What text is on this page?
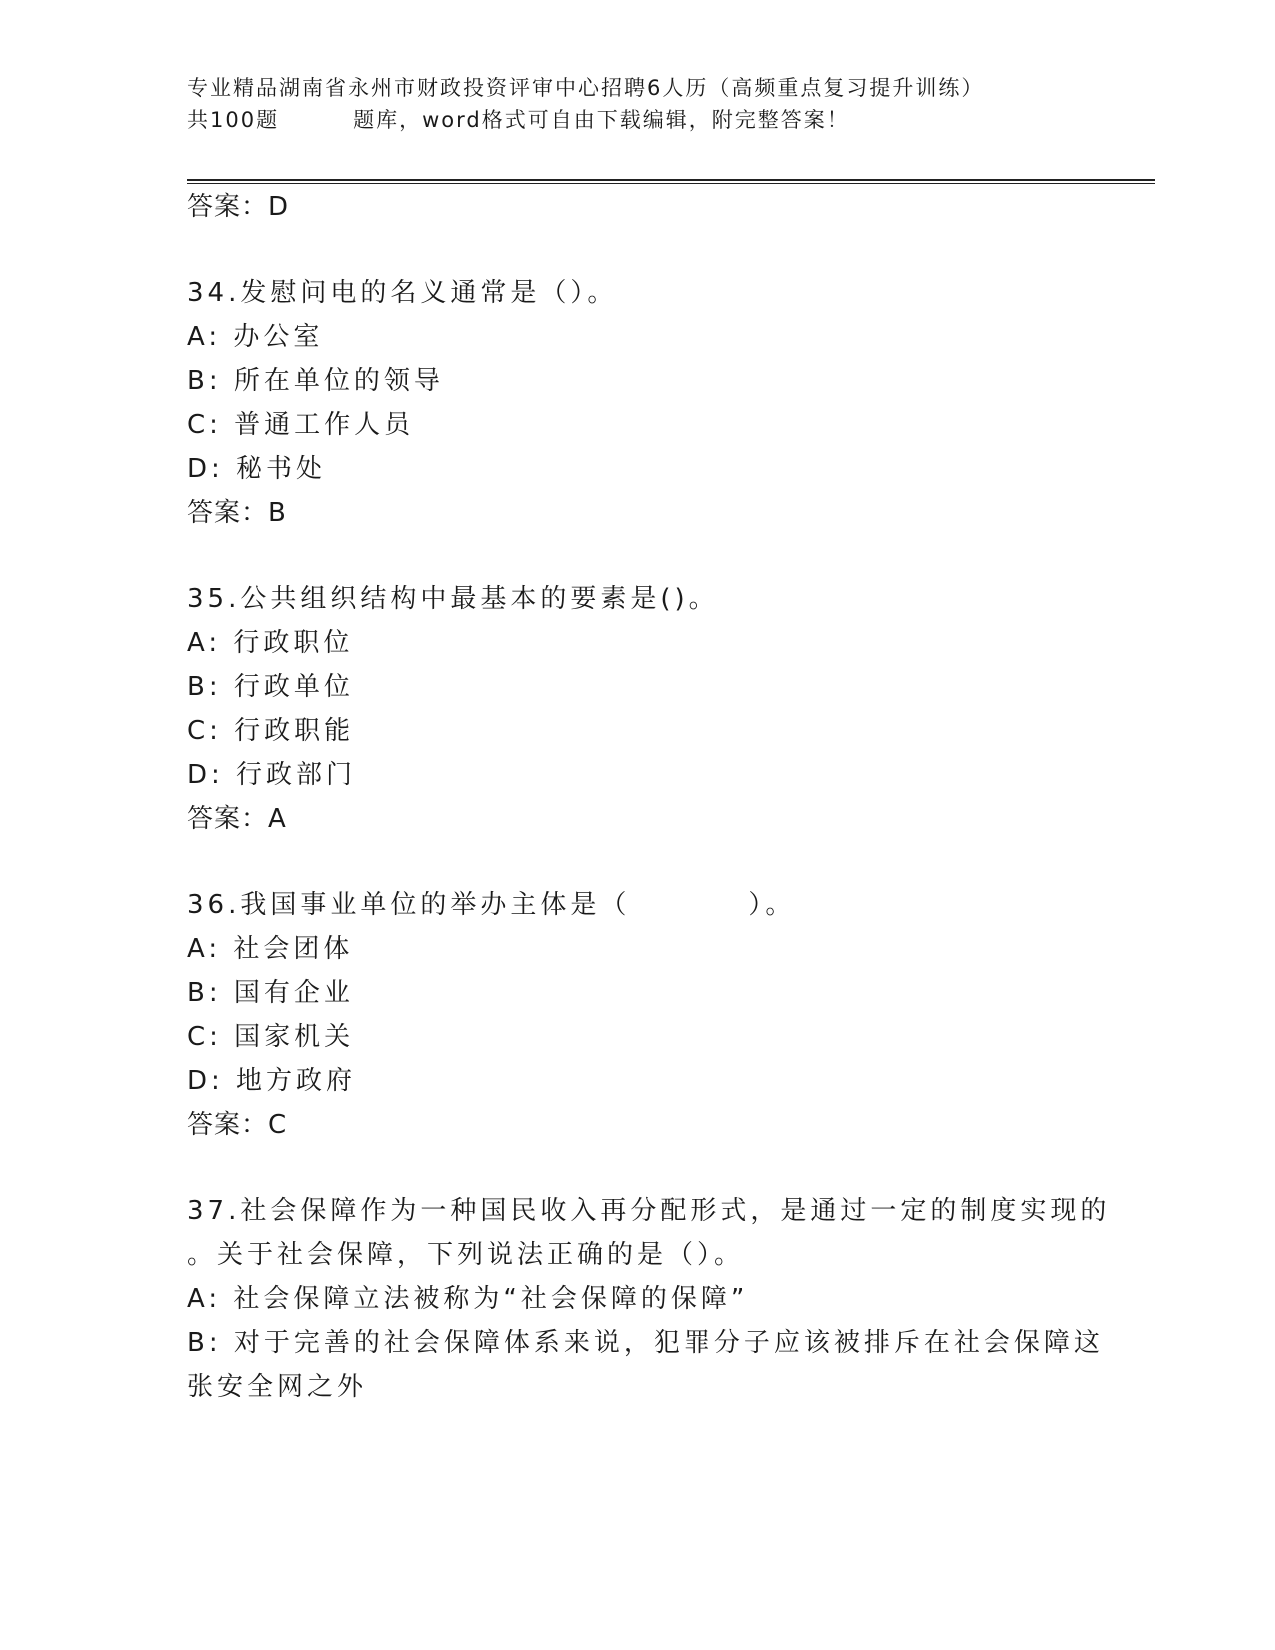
专业精品湖南省永州市财政投资评审中心招聘6人历（高频重点复习提升训练）
共100题	题库，word格式可自由下载编辑，附完整答案！
答案：D
34.发慰问电的名义通常是（）。
A: 办公室
B: 所在单位的领导
C: 普通工作人员
D: 秘书处
答案：B
35.公共组织结构中最基本的要素是()。
A: 行政职位
B: 行政单位
C: 行政职能
D: 行政部门
答案：A
36.我国事业单位的举办主体是（	）。
A: 社会团体
B: 国有企业
C: 国家机关
D: 地方政府
答案：C
37.社会保障作为一种国民收入再分配形式，是通过一定的制度实现的
。关于社会保障，下列说法正确的是（）。
A: 社会保障立法被称为“社会保障的保障”
B: 对于完善的社会保障体系来说，犯罪分子应该被排斥在社会保障这
张安全网之外
